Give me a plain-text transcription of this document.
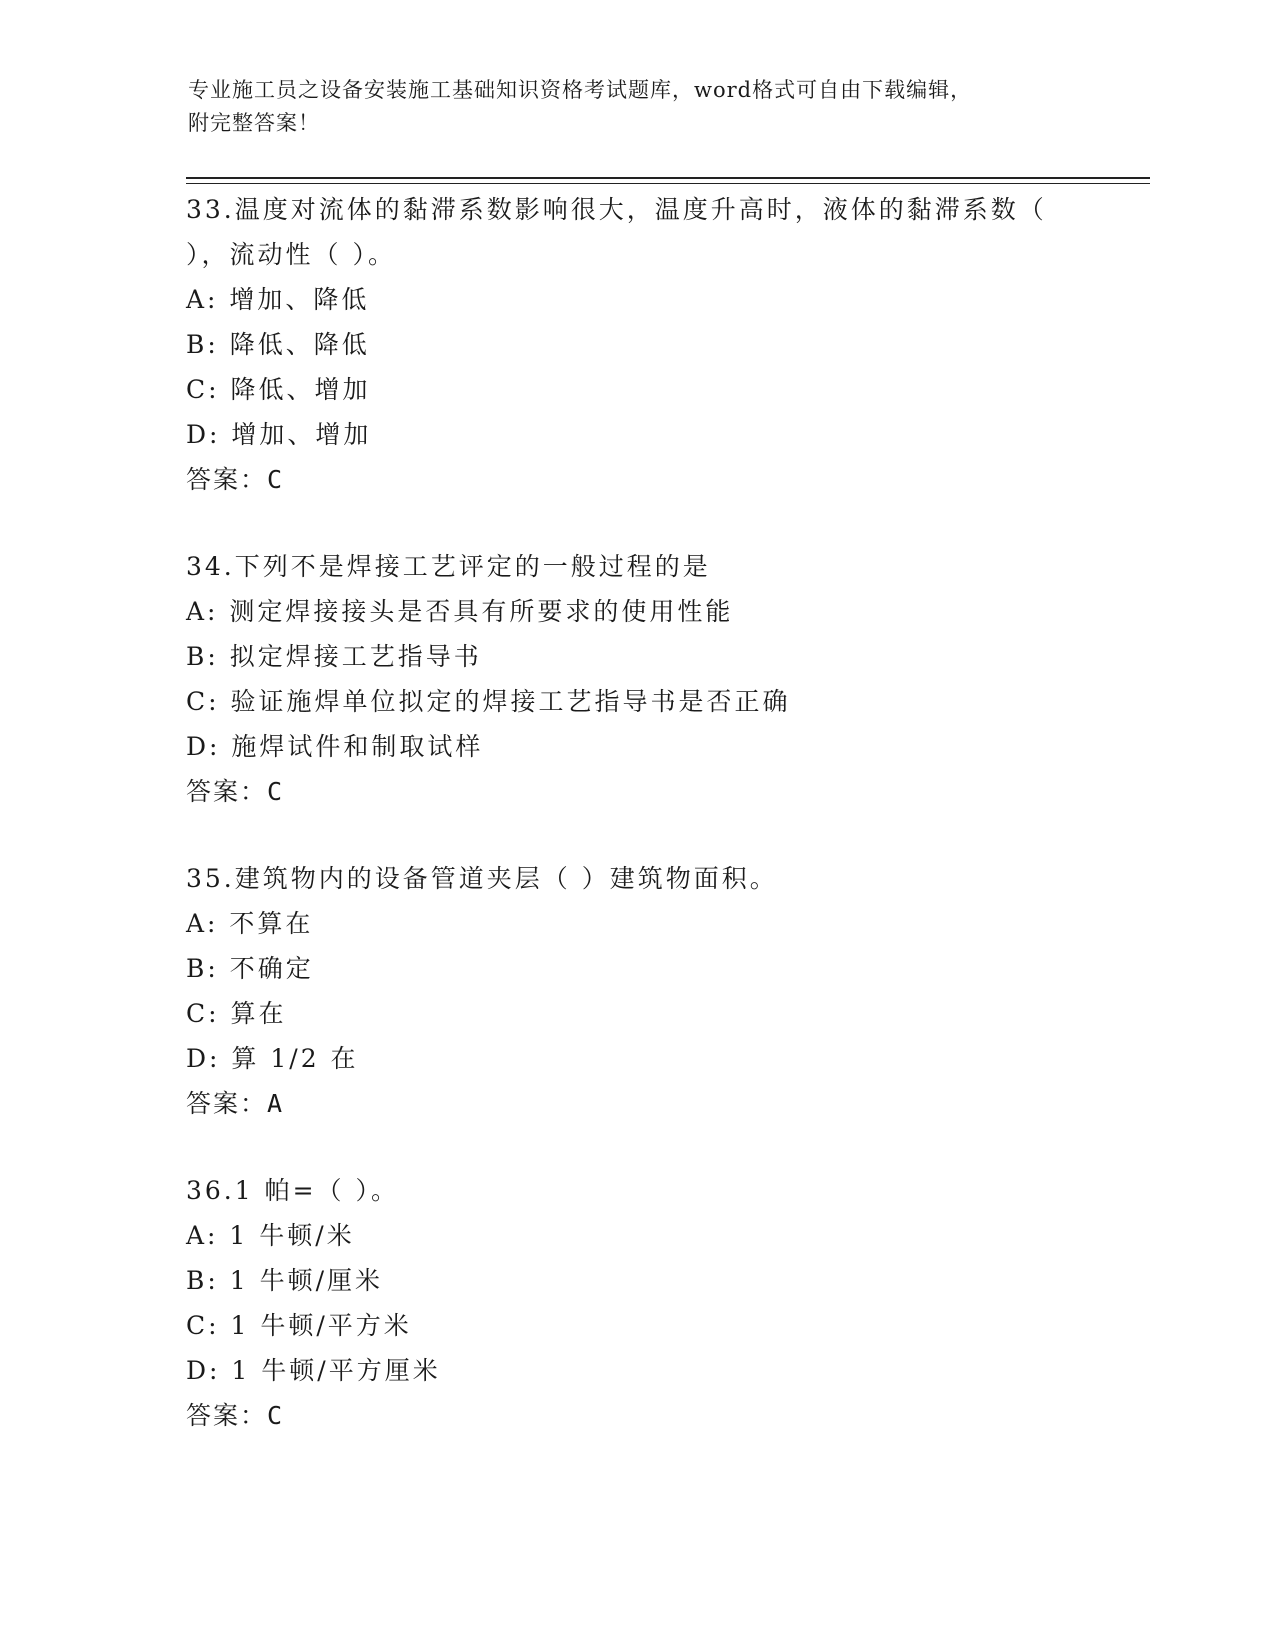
专业施工员之设备安装施工基础知识资格考试题库，word格式可自由下载编辑，
附完整答案！
33.温度对流体的黏滞系数影响很大，温度升高时，液体的黏滞系数（
），流动性（ ）。
A: 增加、降低
B: 降低、降低
C: 降低、增加
D: 增加、增加
答案：C
34.下列不是焊接工艺评定的一般过程的是
A: 测定焊接接头是否具有所要求的使用性能
B: 拟定焊接工艺指导书
C: 验证施焊单位拟定的焊接工艺指导书是否正确
D: 施焊试件和制取试样
答案：C
35.建筑物内的设备管道夹层（ ）建筑物面积。
A: 不算在
B: 不确定
C: 算在
D: 算 1/2 在
答案：A
36.1 帕=（ ）。
A: 1 牛顿/米
B: 1 牛顿/厘米
C: 1 牛顿/平方米
D: 1 牛顿/平方厘米
答案：C
